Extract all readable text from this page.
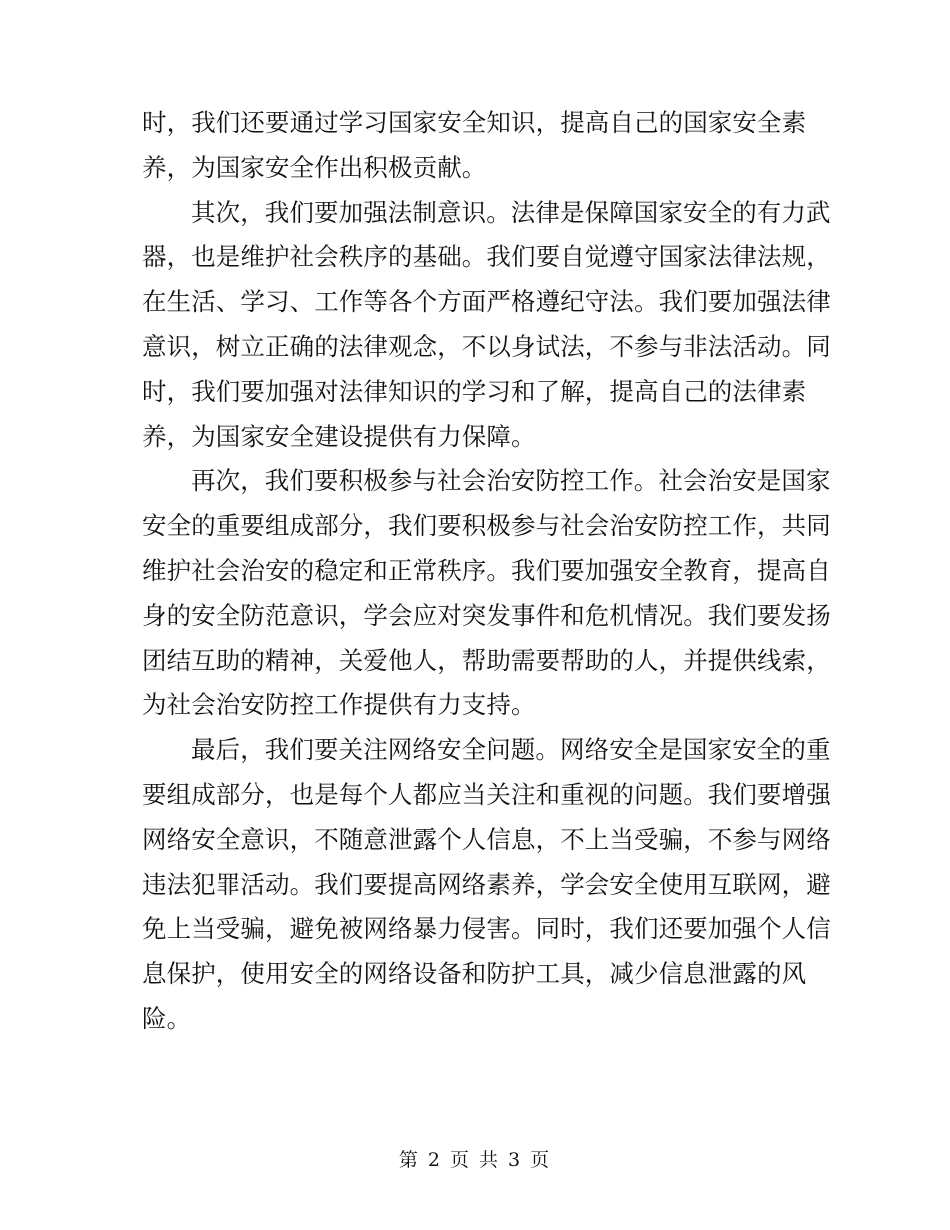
时，我们还要通过学习国家安全知识，提高自己的国家安全素
养，为国家安全作出积极贡献。

其次，我们要加强法制意识。法律是保障国家安全的有力武
器，也是维护社会秩序的基础。我们要自觉遵守国家法律法规，
在生活、学习、工作等各个方面严格遵纪守法。我们要加强法律
意识，树立正确的法律观念，不以身试法，不参与非法活动。同
时，我们要加强对法律知识的学习和了解，提高自己的法律素
养，为国家安全建设提供有力保障。

再次，我们要积极参与社会治安防控工作。社会治安是国家
安全的重要组成部分，我们要积极参与社会治安防控工作，共同
维护社会治安的稳定和正常秩序。我们要加强安全教育，提高自
身的安全防范意识，学会应对突发事件和危机情况。我们要发扬
团结互助的精神，关爱他人，帮助需要帮助的人，并提供线索，
为社会治安防控工作提供有力支持。

最后，我们要关注网络安全问题。网络安全是国家安全的重
要组成部分，也是每个人都应当关注和重视的问题。我们要增强
网络安全意识，不随意泄露个人信息，不上当受骗，不参与网络
违法犯罪活动。我们要提高网络素养，学会安全使用互联网，避
免上当受骗，避免被网络暴力侵害。同时，我们还要加强个人信
息保护，使用安全的网络设备和防护工具，减少信息泄露的风
险。

第 2 页 共 3 页
